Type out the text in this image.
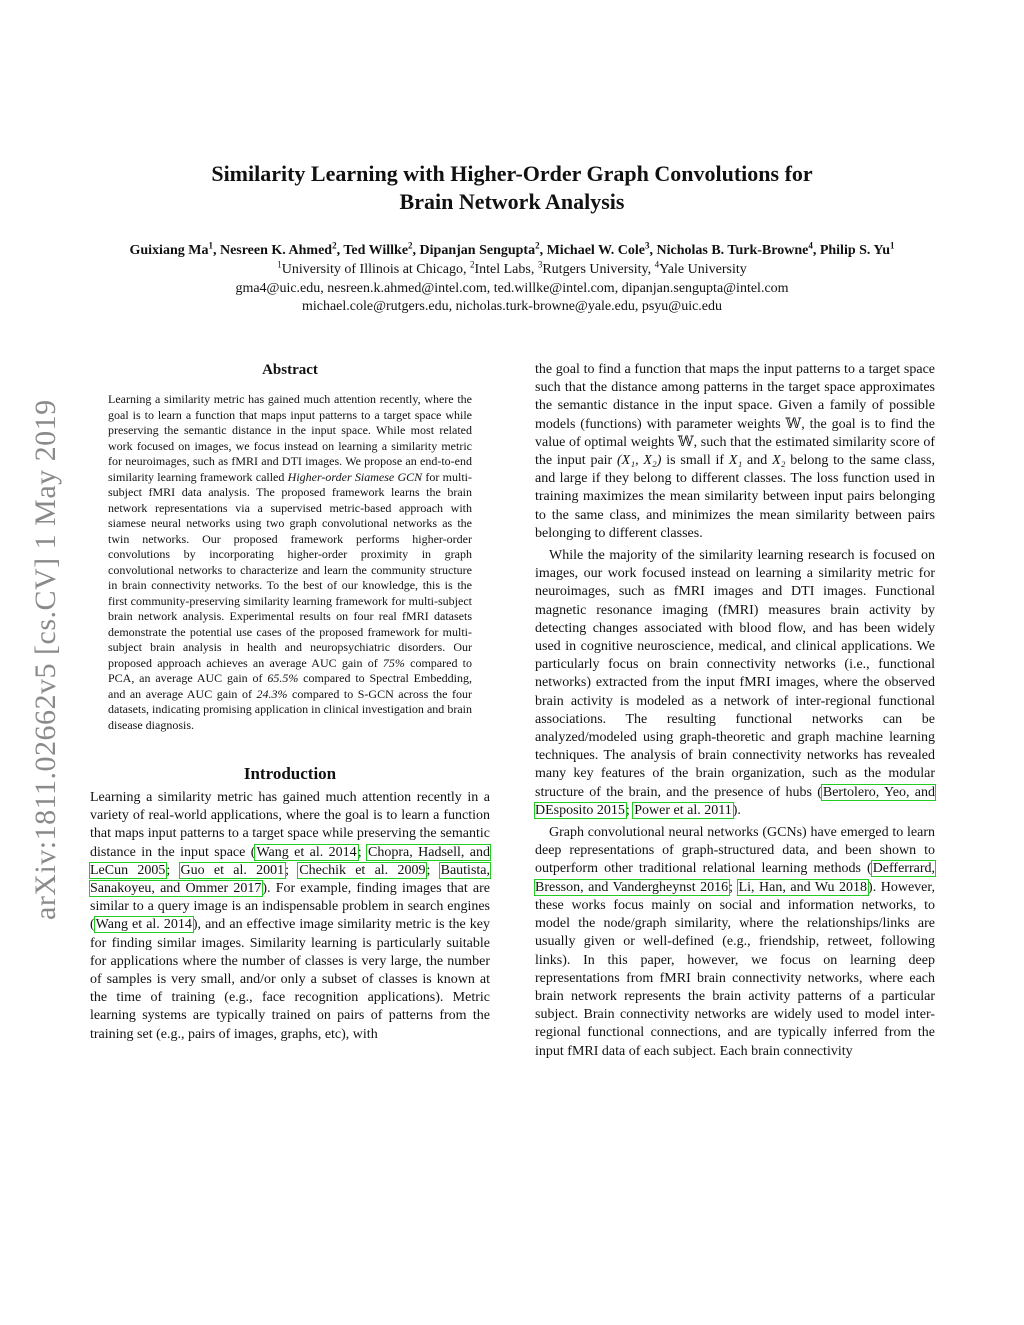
arXiv:1811.02662v5 [cs.CV] 1 May 2019
Similarity Learning with Higher-Order Graph Convolutions for
Brain Network Analysis
Guixiang Ma$^1$, Nesreen K. Ahmed$^2$, Ted Willke$^2$, Dipanjan Sengupta$^2$, Michael W. Cole$^3$, Nicholas B. Turk-Browne$^4$, Philip S. Yu$^1$
$^1$University of Illinois at Chicago, $^2$Intel Labs, $^3$Rutgers University, $^4$Yale University
gma4@uic.edu, nesreen.k.ahmed@intel.com, ted.willke@intel.com, dipanjan.sengupta@intel.com
michael.cole@rutgers.edu, nicholas.turk-browne@yale.edu, psyu@uic.edu
Abstract
Learning a similarity metric has gained much attention recently, where the goal is to learn a function that maps input patterns to a target space while preserving the semantic distance in the input space. While most related work focused on images, we focus instead on learning a similarity metric for neuroimages, such as fMRI and DTI images. We propose an end-to-end similarity learning framework called Higher-order Siamese GCN for multi-subject fMRI data analysis. The proposed framework learns the brain network representations via a supervised metric-based approach with siamese neural networks using two graph convolutional networks as the twin networks. Our proposed framework performs higher-order convolutions by incorporating higher-order proximity in graph convolutional networks to characterize and learn the community structure in brain connectivity networks. To the best of our knowledge, this is the first community-preserving similarity learning framework for multi-subject brain network analysis. Experimental results on four real fMRI datasets demonstrate the potential use cases of the proposed framework for multi-subject brain analysis in health and neuropsychiatric disorders. Our proposed approach achieves an average AUC gain of 75% compared to PCA, an average AUC gain of 65.5% compared to Spectral Embedding, and an average AUC gain of 24.3% compared to S-GCN across the four datasets, indicating promising application in clinical investigation and brain disease diagnosis.
Introduction

Learning a similarity metric has gained much attention recently in a variety of real-world applications, where the goal is to learn a function that maps input patterns to a target space while preserving the semantic distance in the input space (Wang et al. 2014; Chopra, Hadsell, and LeCun 2005; Guo et al. 2001; Chechik et al. 2009; Bautista, Sanakoyeu, and Ommer 2017). For example, finding images that are similar to a query image is an indispensable problem in search engines (Wang et al. 2014), and an effective image similarity metric is the key for finding similar images. Similarity learning is particularly suitable for applications where the number of classes is very large, the number of samples is very small, and/or only a subset of classes is known at the time of training (e.g., face recognition applications). Metric learning systems are typically trained on pairs of patterns from the training set (e.g., pairs of images, graphs, etc), with

the goal to find a function that maps the input patterns to a target space such that the distance among patterns in the target space approximates the semantic distance in the input space. Given a family of possible models (functions) with parameter weights 𝕎, the goal is to find the value of optimal weights 𝕎, such that the estimated similarity score of the input pair (X₁, X₂) is small if X₁ and X₂ belong to the same class, and large if they belong to different classes. The loss function used in training maximizes the mean similarity between input pairs belonging to the same class, and minimizes the mean similarity between pairs belonging to different classes.

While the majority of the similarity learning research is focused on images, our work focused instead on learning a similarity metric for neuroimages, such as fMRI images and DTI images. Functional magnetic resonance imaging (fMRI) measures brain activity by detecting changes associated with blood flow, and has been widely used in cognitive neuroscience, medical, and clinical applications. We particularly focus on brain connectivity networks (i.e., functional networks) extracted from the input fMRI images, where the observed brain activity is modeled as a network of inter-regional functional associations. The resulting functional networks can be analyzed/modeled using graph-theoretic and graph machine learning techniques. The analysis of brain connectivity networks has revealed many key features of the brain organization, such as the modular structure of the brain, and the presence of hubs (Bertolero, Yeo, and DEsposito 2015; Power et al. 2011).

Graph convolutional neural networks (GCNs) have emerged to learn deep representations of graph-structured data, and been shown to outperform other traditional relational learning methods (Defferrard, Bresson, and Vandergheynst 2016; Li, Han, and Wu 2018). However, these works focus mainly on social and information networks, to model the node/graph similarity, where the relationships/links are usually given or well-defined (e.g., friendship, retweet, following links). In this paper, however, we focus on learning deep representations from fMRI brain connectivity networks, where each brain network represents the brain activity patterns of a particular subject. Brain connectivity networks are widely used to model inter-regional functional connections, and are typically inferred from the input fMRI data of each subject. Each brain connectivity
